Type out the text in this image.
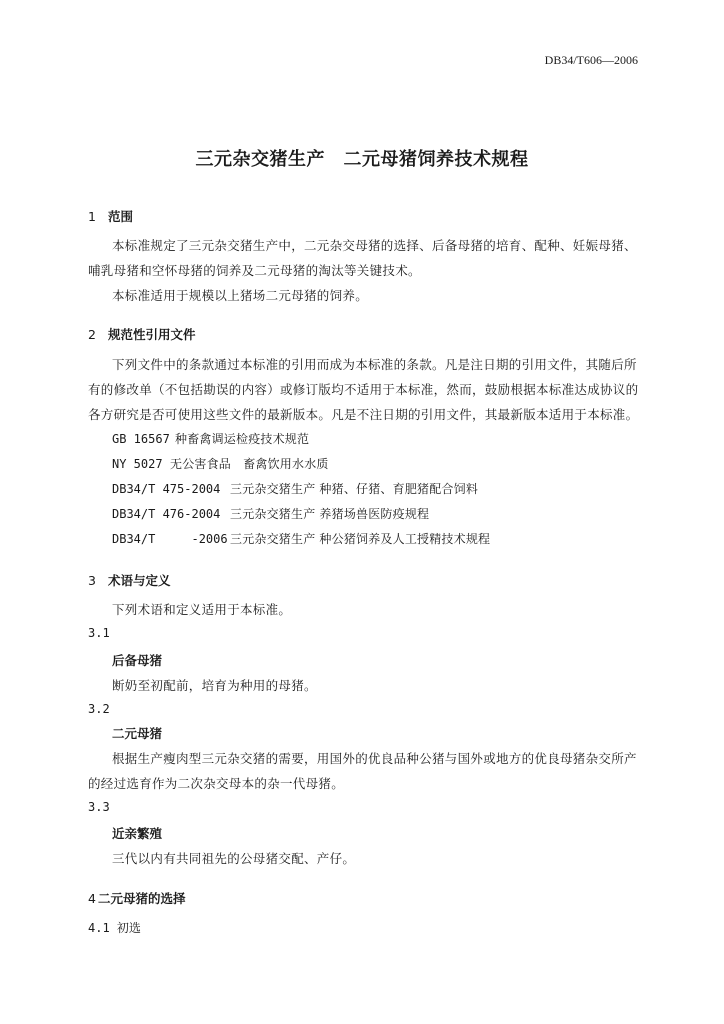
DB34/T606—2006
三元杂交猪生产　二元母猪饲养技术规程
1 范围
本标准规定了三元杂交猪生产中，二元杂交母猪的选择、后备母猪的培育、配种、妊娠母猪、
哺乳母猪和空怀母猪的饲养及二元母猪的淘汰等关键技术。
本标准适用于规模以上猪场二元母猪的饲养。
2 规范性引用文件
下列文件中的条款通过本标准的引用而成为本标准的条款。凡是注日期的引用文件，其随后所
有的修改单（不包括勘误的内容）或修订版均不适用于本标准，然而，鼓励根据本标准达成协议的
各方研究是否可使用这些文件的最新版本。凡是不注日期的引用文件，其最新版本适用于本标准。
GB 16567 种畜禽调运检疫技术规范
NY 5027 无公害食品　畜禽饮用水水质
DB34/T 475-2004 三元杂交猪生产 种猪、仔猪、育肥猪配合饲料
DB34/T 476-2004 三元杂交猪生产 养猪场兽医防疫规程
DB34/T     -2006 三元杂交猪生产 种公猪饲养及人工授精技术规程
3 术语与定义
下列术语和定义适用于本标准。
3.1
后备母猪
断奶至初配前，培育为种用的母猪。
3.2
二元母猪
根据生产瘦肉型三元杂交猪的需要，用国外的优良品种公猪与国外或地方的优良母猪杂交所产
的经过选育作为二次杂交母本的杂一代母猪。
3.3
近亲繁殖
三代以内有共同祖先的公母猪交配、产仔。
4 二元母猪的选择
4.1 初选
